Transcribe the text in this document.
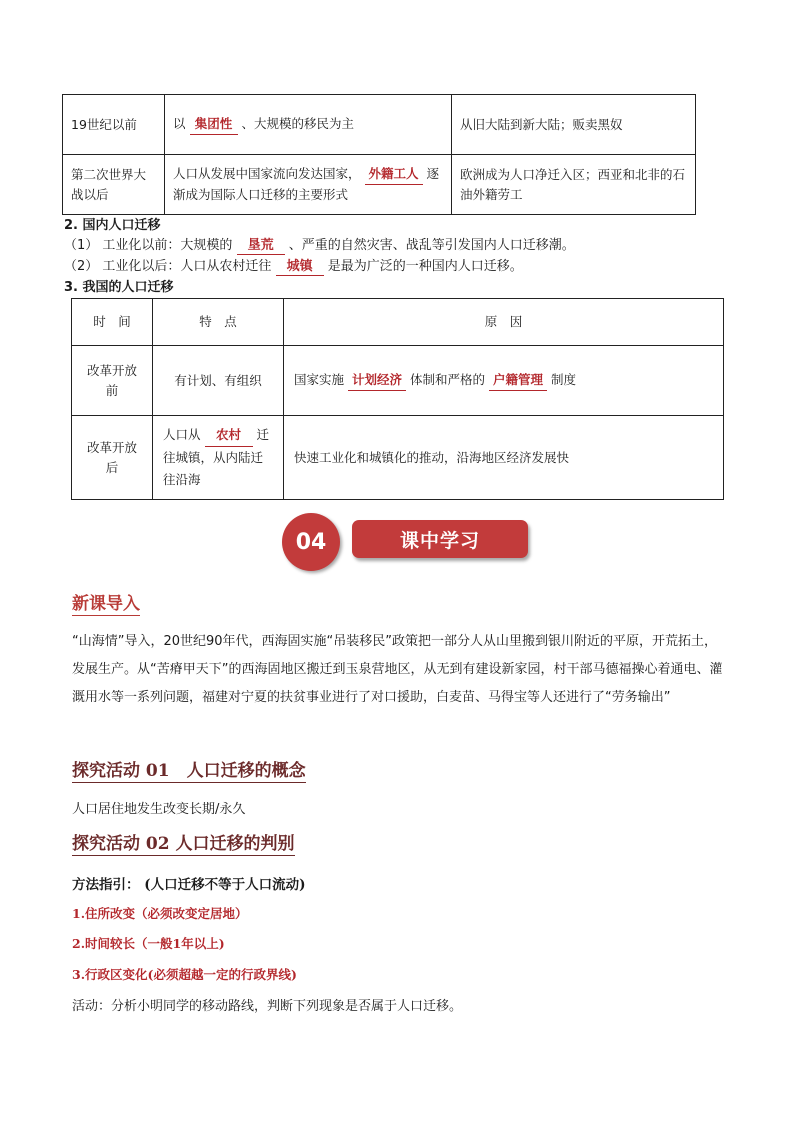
19世纪以前	以 集团性 、大规模的移民为主	从旧大陆到新大陆；贩卖黑奴
第二次世界大战以后	人口从发展中国家流向发达国家， 外籍工人 逐渐成为国际人口迁移的主要形式	欧洲成为人口净迁入区；西亚和北非的石油外籍劳工
2. 国内人口迁移
（1） 工业化以前：大规模的 垦荒 、严重的自然灾害、战乱等引发国内人口迁移潮。
（2） 工业化以后：人口从农村迁往 城镇 是最为广泛的一种国内人口迁移。
3. 我国的人口迁移
时　间	特　点	原　因
改革开放前	有计划、有组织	国家实施 计划经济 体制和严格的 户籍管理 制度
改革开放后	人口从 农村 迁往城镇，从内陆迁往沿海	快速工业化和城镇化的推动，沿海地区经济发展快
04	课中学习
新课导入
“山海情”导入，20世纪90年代，西海固实施“吊装移民”政策把一部分人从山里搬到银川附近的平原，开荒拓土，发展生产。从“苦瘠甲天下”的西海固地区搬迁到玉泉营地区，从无到有建设新家园，村干部马德福操心着通电、灌溉用水等一系列问题，福建对宁夏的扶贫事业进行了对口援助，白麦苗、马得宝等人还进行了“劳务输出”
探究活动 01　人口迁移的概念
人口居住地发生改变长期/永久
探究活动 02 人口迁移的判别
方法指引： (人口迁移不等于人口流动)
1.住所改变（必须改变定居地）
2.时间较长（一般1年以上)
3.行政区变化(必须超越一定的行政界线)
活动：分析小明同学的移动路线，判断下列现象是否属于人口迁移。
